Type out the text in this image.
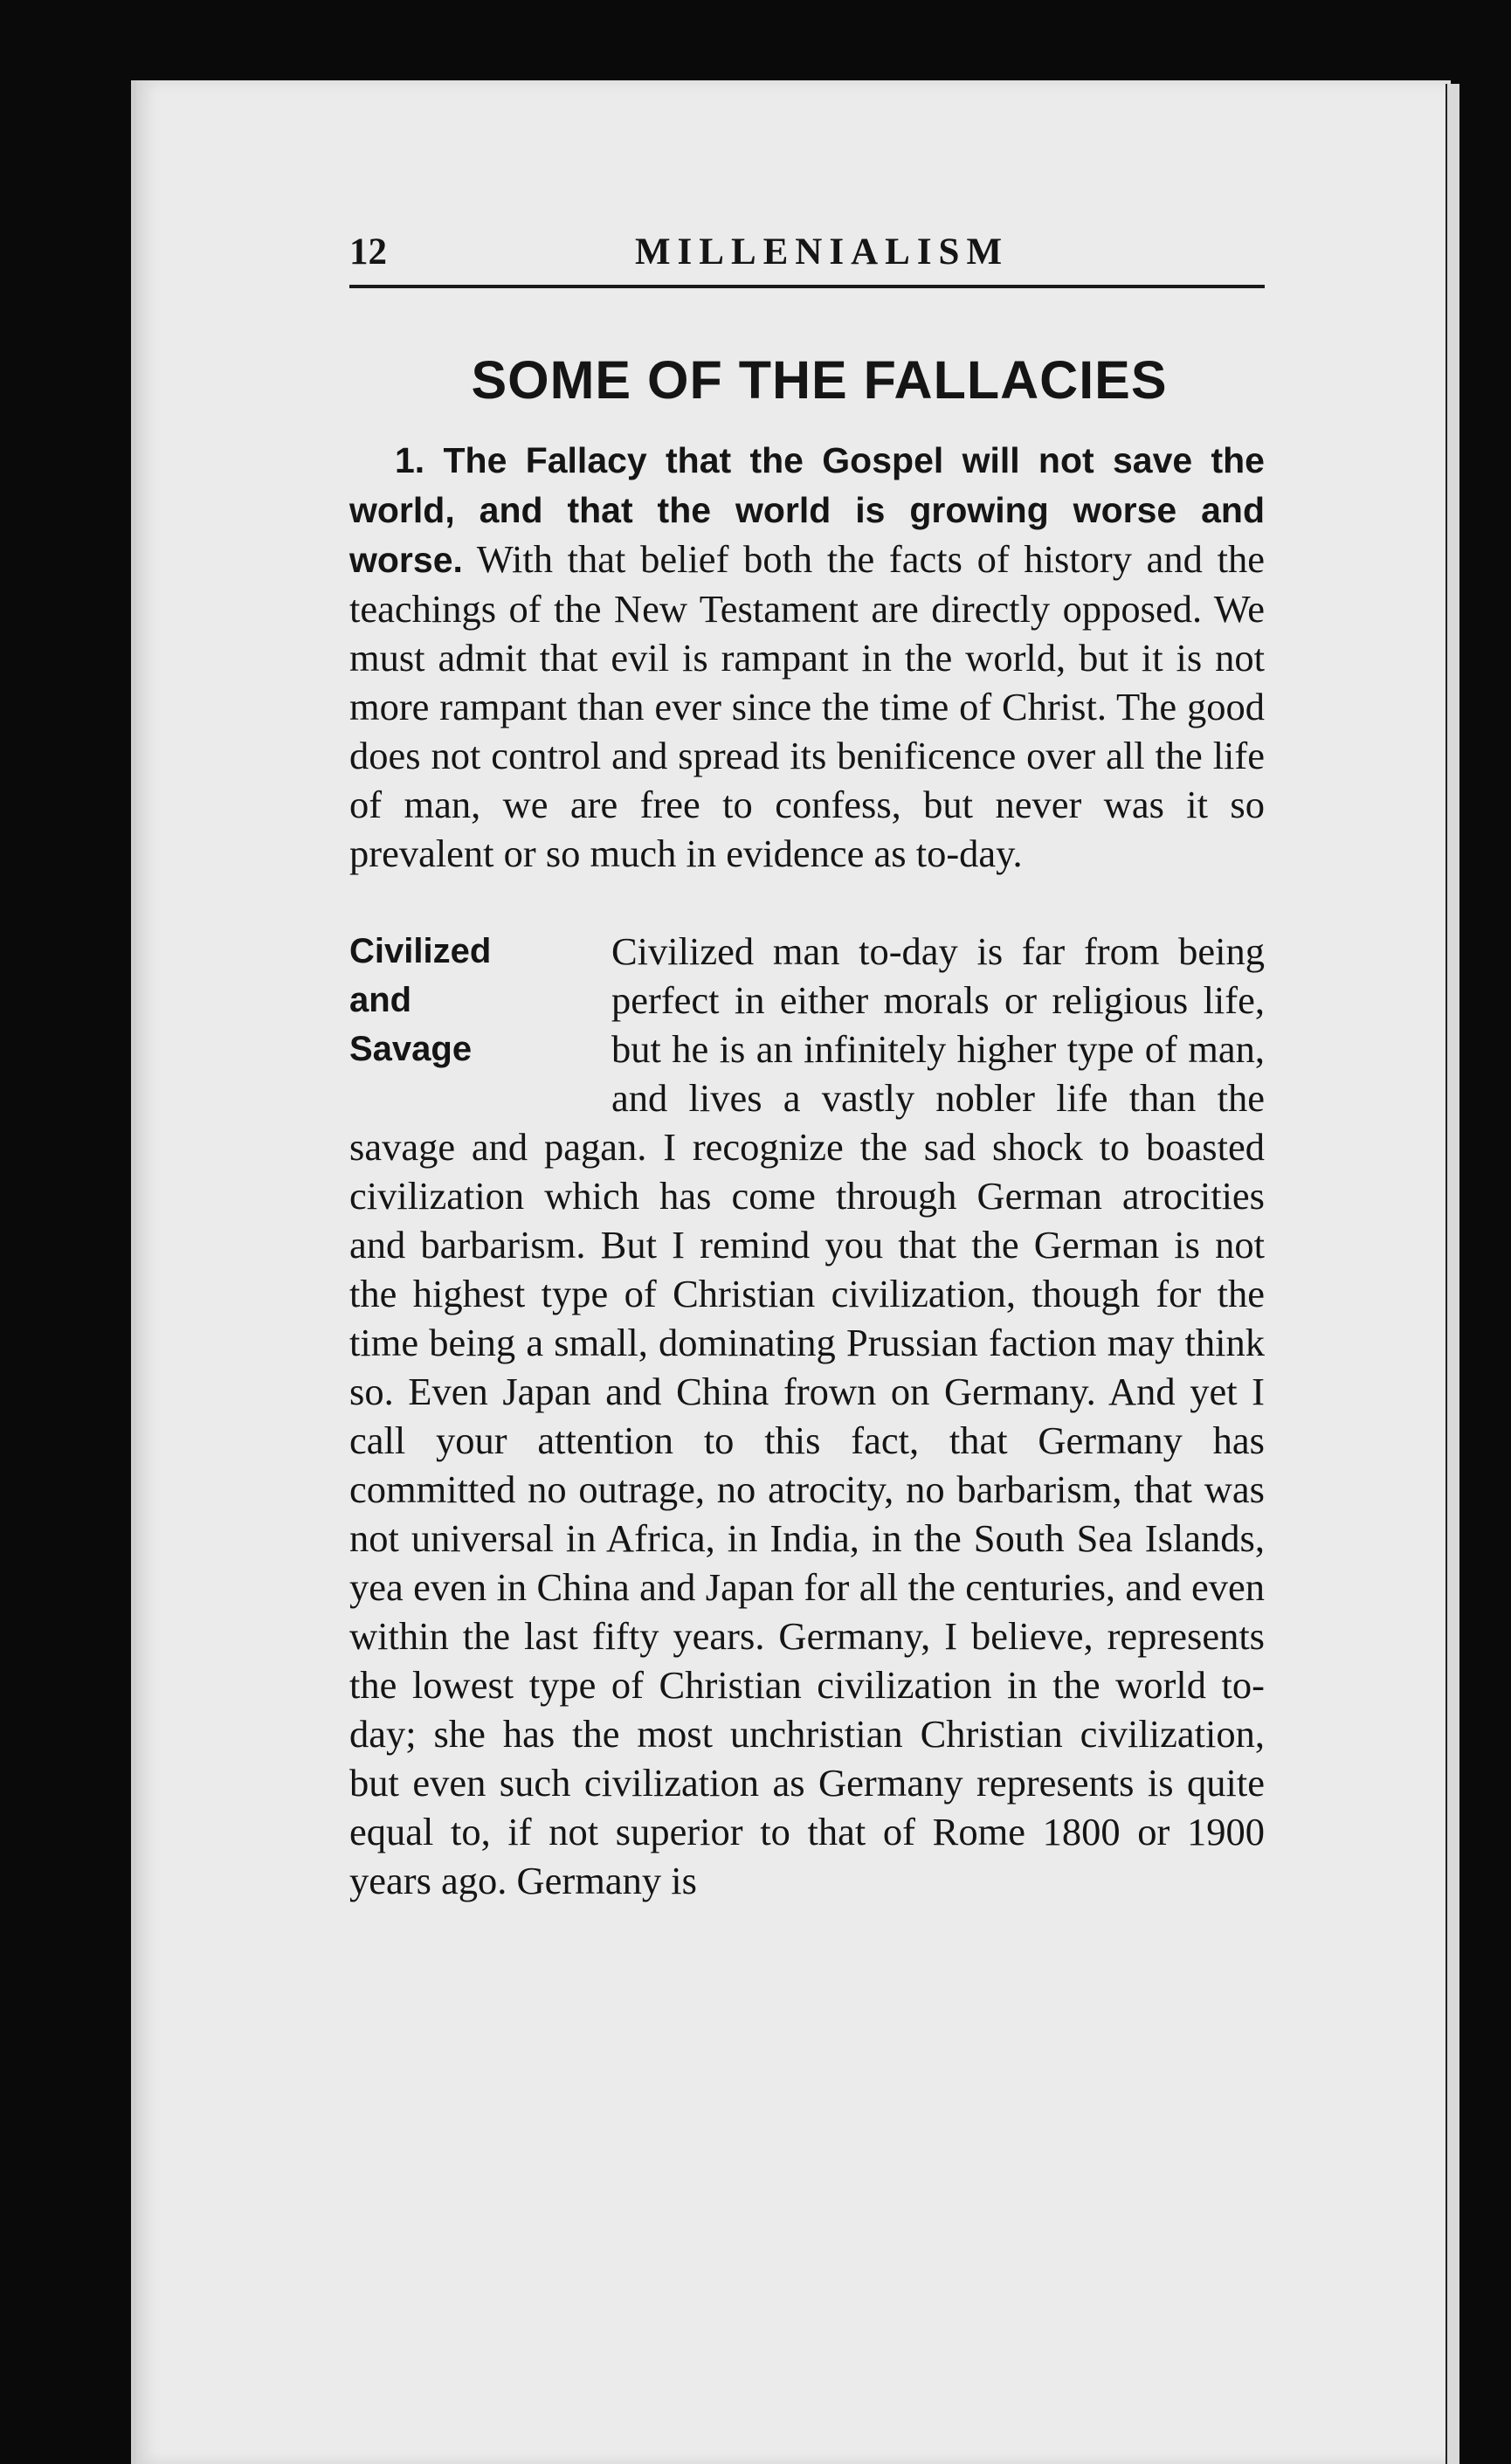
12	MILLENIALISM
SOME OF THE FALLACIES

1. The Fallacy that the Gospel will not save the world, and that the world is growing worse and worse. With that belief both the facts of history and the teachings of the New Testament are directly opposed. We must admit that evil is rampant in the world, but it is not more rampant than ever since the time of Christ. The good does not control and spread its benificence over all the life of man, we are free to confess, but never was it so prevalent or so much in evidence as to-day.

Civilized
and
Savage

Civilized man to-day is far from being perfect in either morals or religious life, but he is an infinitely higher type of man, and lives a vastly nobler life than the savage and pagan. I recognize the sad shock to boasted civilization which has come through German atrocities and barbarism. But I remind you that the German is not the highest type of Christian civilization, though for the time being a small, dominating Prussian faction may think so. Even Japan and China frown on Germany. And yet I call your attention to this fact, that Germany has committed no outrage, no atrocity, no barbarism, that was not universal in Africa, in India, in the South Sea Islands, yea even in China and Japan for all the centuries, and even within the last fifty years. Germany, I believe, represents the lowest type of Christian civilization in the world to-day; she has the most unchristian Christian civilization, but even such civilization as Germany represents is quite equal to, if not superior to that of Rome 1800 or 1900 years ago. Germany is
